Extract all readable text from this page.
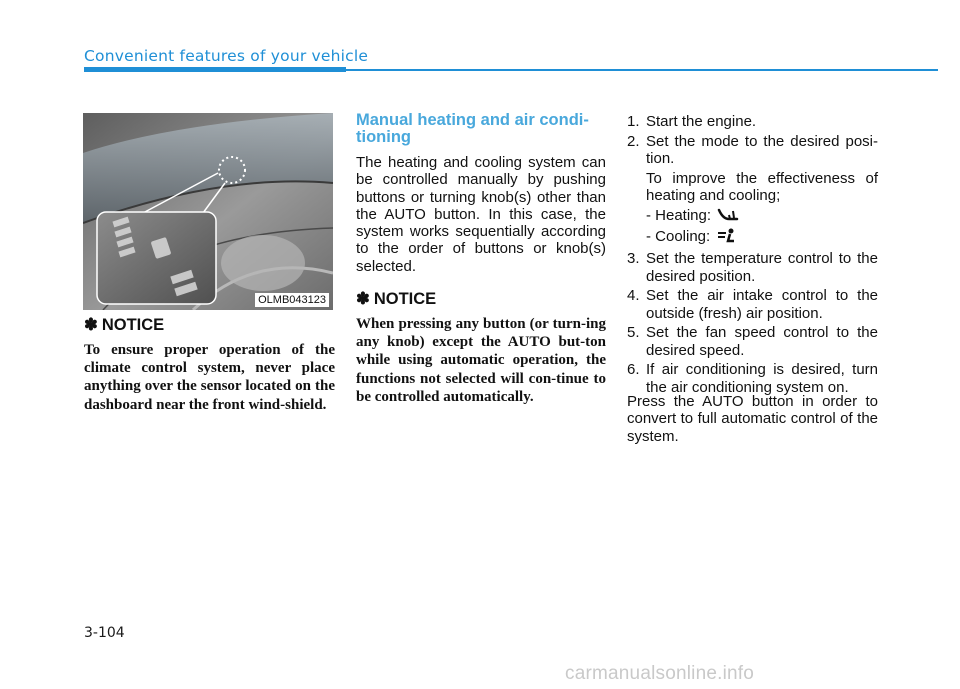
Convenient features of your vehicle
OLMB043123
✽ NOTICE

To ensure proper operation of the climate control system, never place anything over the sensor located on the dashboard near the front wind-shield.

Manual heating and air condi-tioning

The heating and cooling system can be controlled manually by pushing buttons or turning knob(s) other than the AUTO button. In this case, the system works sequentially according to the order of buttons or knob(s) selected.

✽ NOTICE

When pressing any button (or turn-ing any knob) except the AUTO but-ton while using automatic operation, the functions not selected will con-tinue to be controlled automatically.

1. Start the engine.
2. Set the mode to the desired posi-tion.
To improve the effectiveness of heating and cooling;
- Heating:
- Cooling:
3. Set the temperature control to the desired position.
4. Set the air intake control to the outside (fresh) air position.
5. Set the fan speed control to the desired speed.
6. If air conditioning is desired, turn the air conditioning system on.

Press the AUTO button in order to convert to full automatic control of the system.

3-104
carmanualsonline.info
